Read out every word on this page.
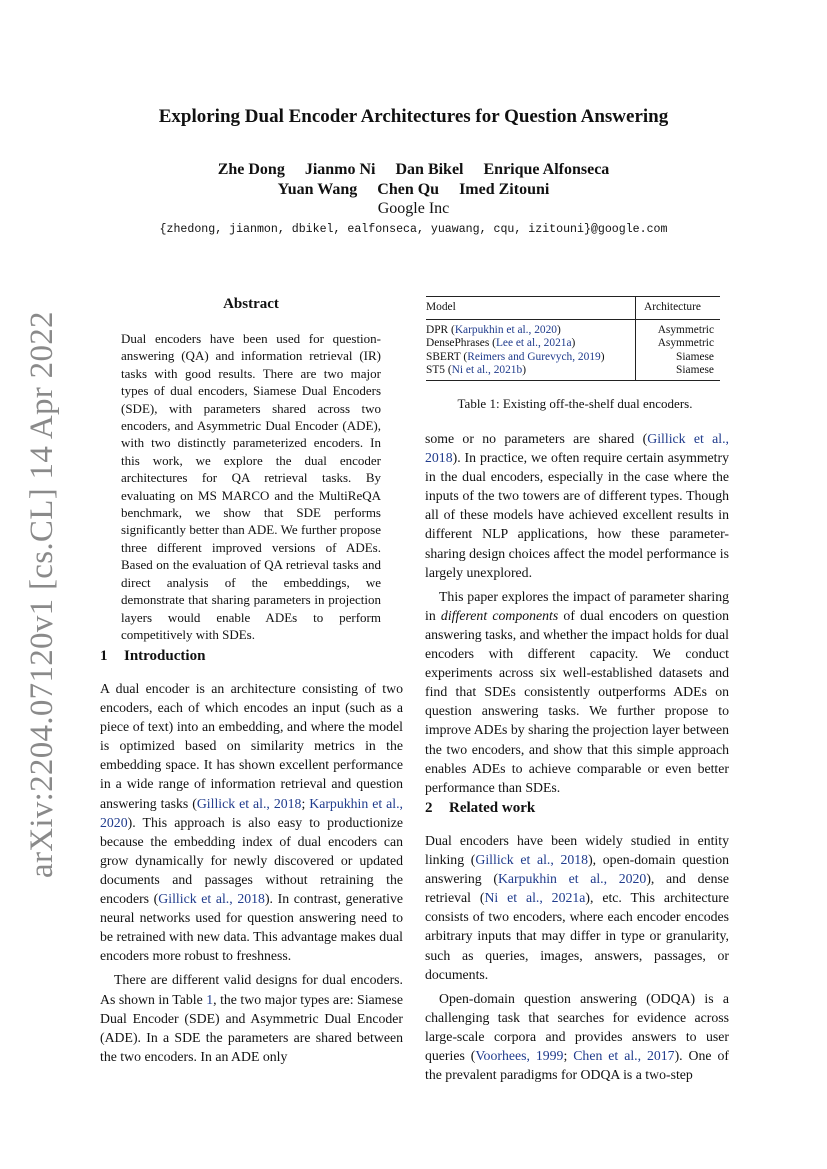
arXiv:2204.07120v1 [cs.CL] 14 Apr 2022
Exploring Dual Encoder Architectures for Question Answering
Zhe Dong Jianmo Ni Dan Bikel Enrique Alfonseca
Yuan Wang Chen Qu Imed Zitouni
Google Inc
{zhedong, jianmon, dbikel, ealfonseca, yuawang, cqu, izitouni}@google.com
Abstract
Dual encoders have been used for question-answering (QA) and information retrieval (IR) tasks with good results. There are two major types of dual encoders, Siamese Dual Encoders (SDE), with parameters shared across two encoders, and Asymmetric Dual Encoder (ADE), with two distinctly parameterized encoders. In this work, we explore the dual encoder architectures for QA retrieval tasks. By evaluating on MS MARCO and the MultiReQA benchmark, we show that SDE performs significantly better than ADE. We further propose three different improved versions of ADEs. Based on the evaluation of QA retrieval tasks and direct analysis of the embeddings, we demonstrate that sharing parameters in projection layers would enable ADEs to perform competitively with SDEs.
1 Introduction

A dual encoder is an architecture consisting of two encoders, each of which encodes an input (such as a piece of text) into an embedding, and where the model is optimized based on similarity metrics in the embedding space. It has shown excellent performance in a wide range of information retrieval and question answering tasks (Gillick et al., 2018; Karpukhin et al., 2020). This approach is also easy to productionize because the embedding index of dual encoders can grow dynamically for newly discovered or updated documents and passages without retraining the encoders (Gillick et al., 2018). In contrast, generative neural networks used for question answering need to be retrained with new data. This advantage makes dual encoders more robust to freshness.

There are different valid designs for dual encoders. As shown in Table 1, the two major types are: Siamese Dual Encoder (SDE) and Asymmetric Dual Encoder (ADE). In a SDE the parameters are shared between the two encoders. In an ADE only

Model	Architecture
DPR (Karpukhin et al., 2020)	Asymmetric
DensePhrases (Lee et al., 2021a)	Asymmetric
SBERT (Reimers and Gurevych, 2019)	Siamese
ST5 (Ni et al., 2021b)	Siamese
Table 1: Existing off-the-shelf dual encoders.

some or no parameters are shared (Gillick et al., 2018). In practice, we often require certain asymmetry in the dual encoders, especially in the case where the inputs of the two towers are of different types. Though all of these models have achieved excellent results in different NLP applications, how these parameter-sharing design choices affect the model performance is largely unexplored.

This paper explores the impact of parameter sharing in different components of dual encoders on question answering tasks, and whether the impact holds for dual encoders with different capacity. We conduct experiments across six well-established datasets and find that SDEs consistently outperforms ADEs on question answering tasks. We further propose to improve ADEs by sharing the projection layer between the two encoders, and show that this simple approach enables ADEs to achieve comparable or even better performance than SDEs.

2 Related work

Dual encoders have been widely studied in entity linking (Gillick et al., 2018), open-domain question answering (Karpukhin et al., 2020), and dense retrieval (Ni et al., 2021a), etc. This architecture consists of two encoders, where each encoder encodes arbitrary inputs that may differ in type or granularity, such as queries, images, answers, passages, or documents.

Open-domain question answering (ODQA) is a challenging task that searches for evidence across large-scale corpora and provides answers to user queries (Voorhees, 1999; Chen et al., 2017). One of the prevalent paradigms for ODQA is a two-step
